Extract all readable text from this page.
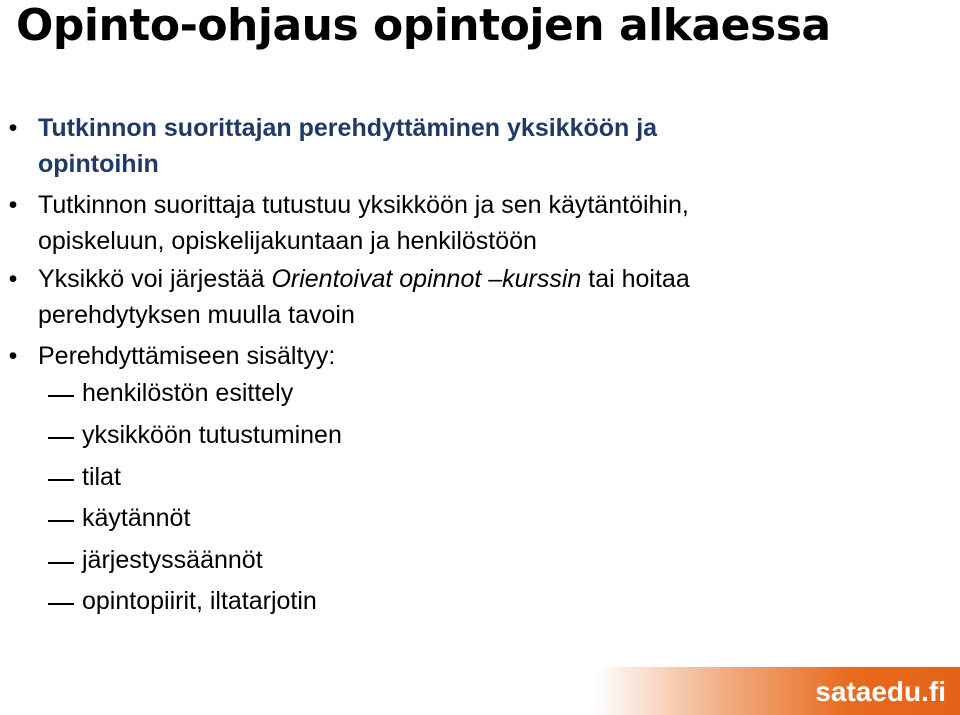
Opinto-ohjaus opintojen alkaessa
• Tutkinnon suorittajan perehdyttäminen yksikköön ja
opintoihin
• Tutkinnon suorittaja tutustuu yksikköön ja sen käytäntöihin,
opiskeluun, opiskelijakuntaan ja henkilöstöön
• Yksikkö voi järjestää Orientoivat opinnot –kurssin tai hoitaa
perehdytyksen muulla tavoin
• Perehdyttämiseen sisältyy:
henkilöstön esittely
yksikköön tutustuminen
tilat
käytännöt
järjestyssäännöt
opintopiirit, iltatarjotin
sataedu.fi
